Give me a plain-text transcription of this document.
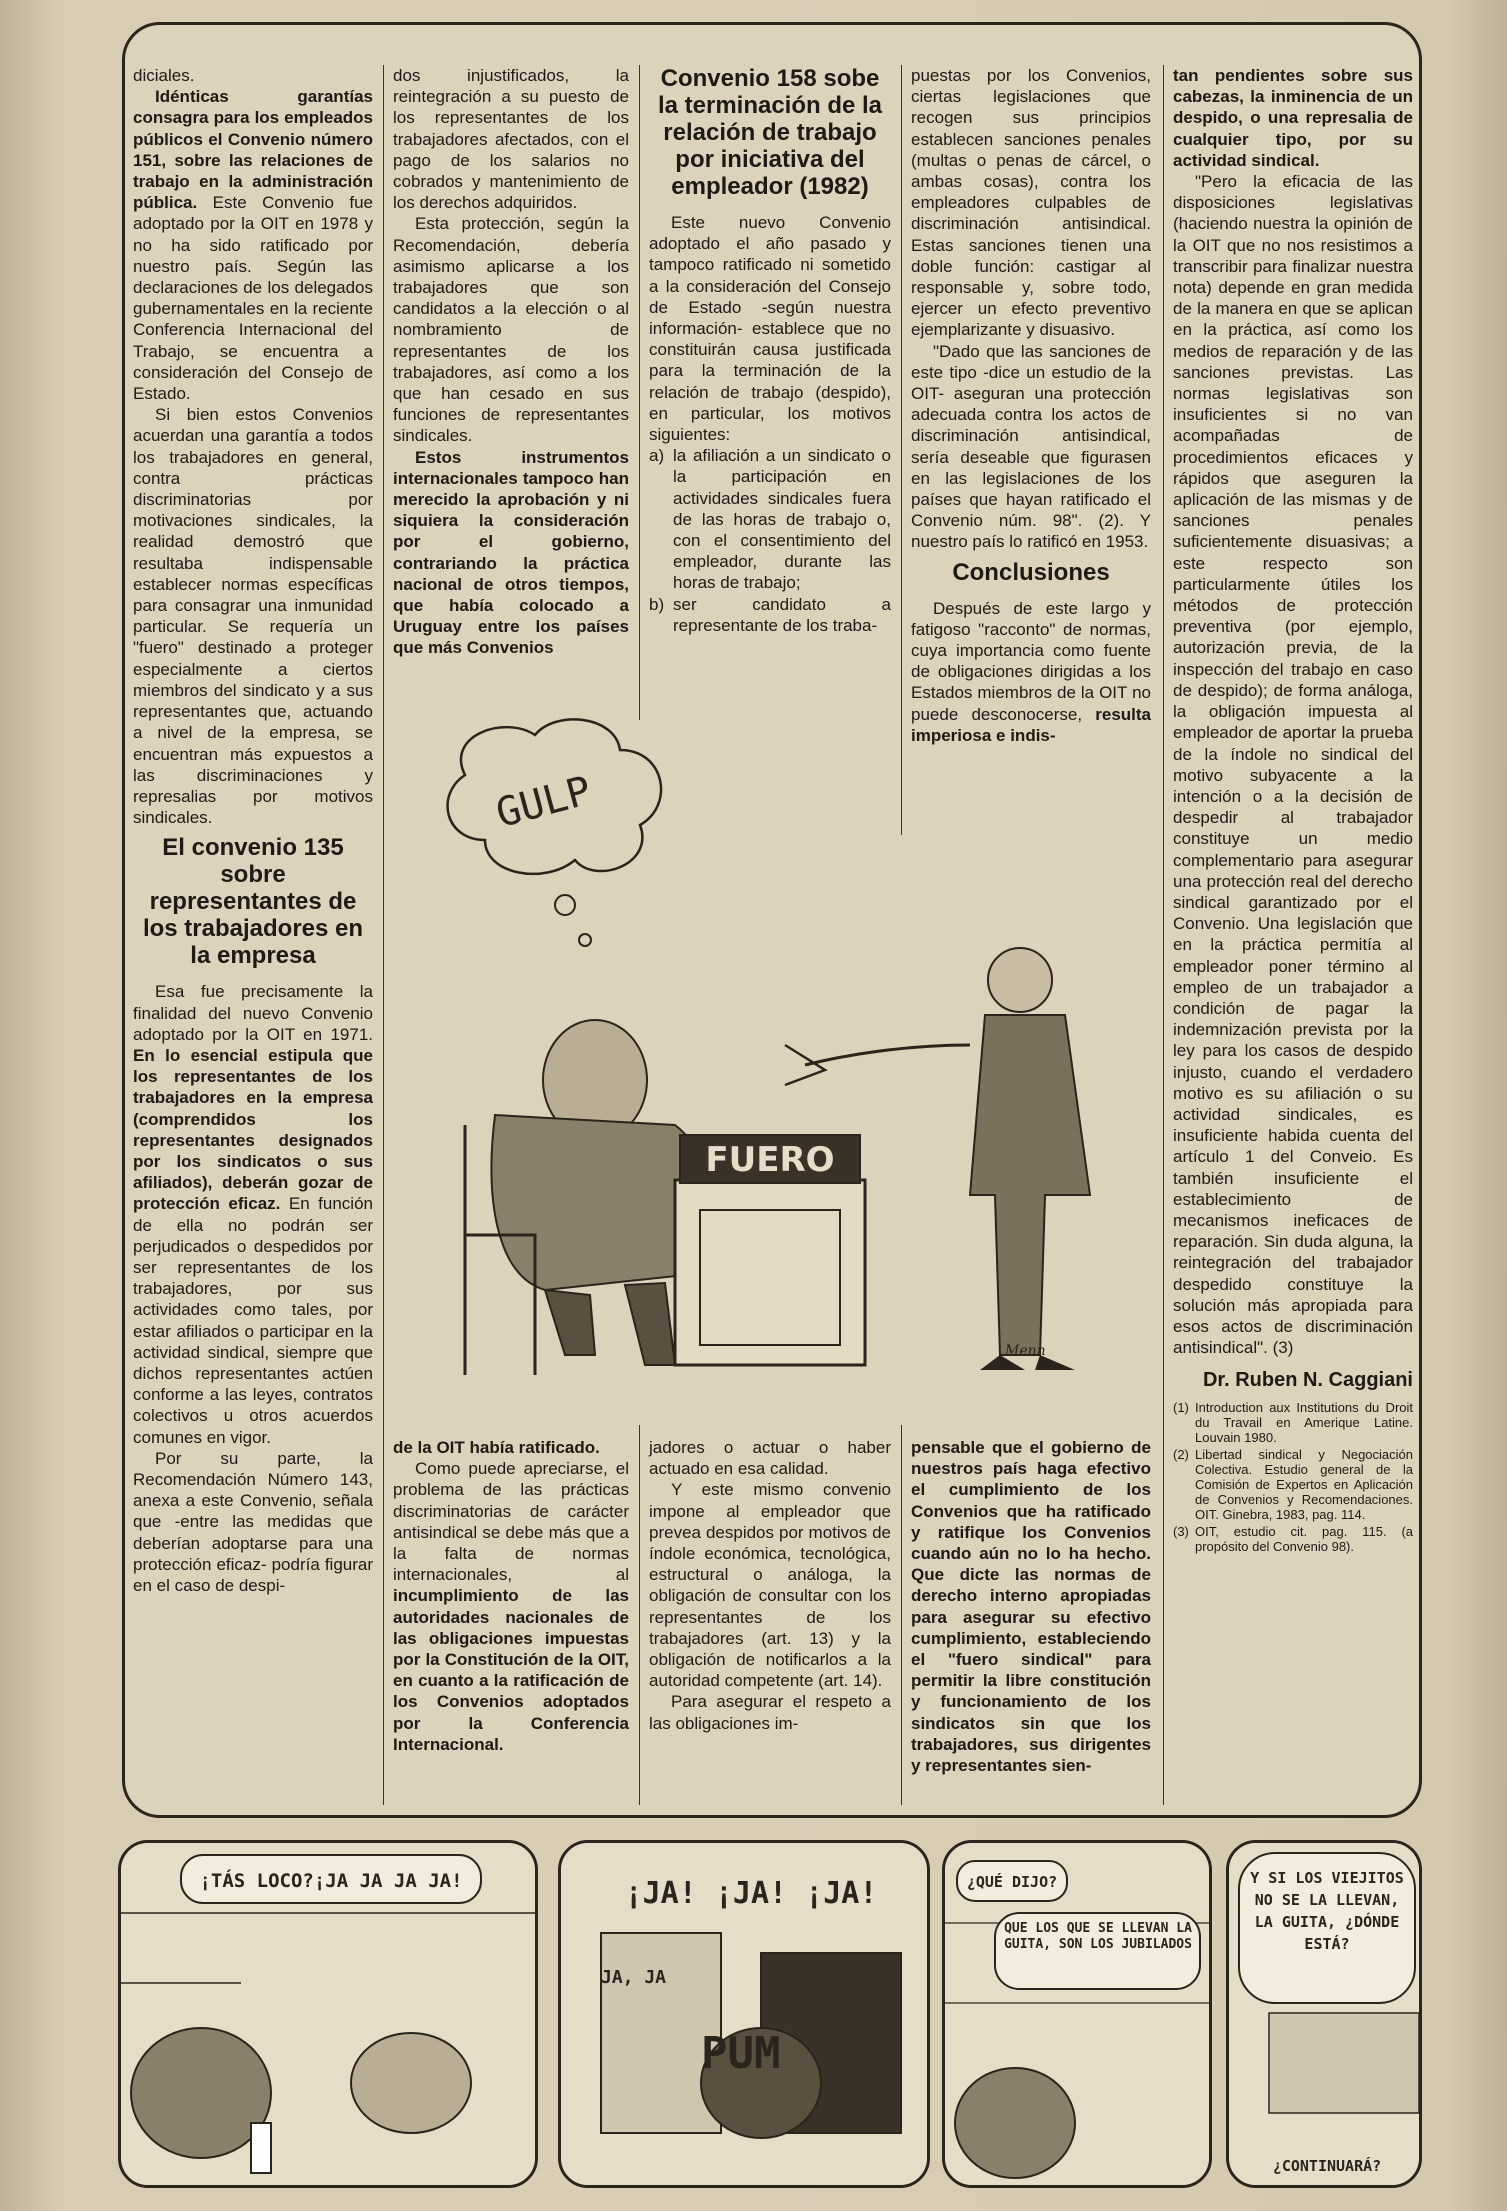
diciales.

Idénticas garantías consagra para los empleados públicos el Convenio número 151, sobre las relaciones de trabajo en la administración pública. Este Convenio fue adoptado por la OIT en 1978 y no ha sido ratificado por nuestro país. Según las declaraciones de los delegados gubernamentales en la reciente Conferencia Internacional del Trabajo, se encuentra a consideración del Consejo de Estado.

Si bien estos Convenios acuerdan una garantía a todos los trabajadores en general, contra prácticas discriminatorias por motivaciones sindicales, la realidad demostró que resultaba indispensable establecer normas específicas para consagrar una inmunidad particular. Se requería un "fuero" destinado a proteger especialmente a ciertos miembros del sindicato y a sus representantes que, actuando a nivel de la empresa, se encuentran más expuestos a las discriminaciones y represalias por motivos sindicales.

El convenio 135 sobre representantes de los trabajadores en la empresa

Esa fue precisamente la finalidad del nuevo Convenio adoptado por la OIT en 1971. En lo esencial estipula que los representantes de los trabajadores en la empresa (comprendidos los representantes designados por los sindicatos o sus afiliados), deberán gozar de protección eficaz. En función de ella no podrán ser perjudicados o despedidos por ser representantes de los trabajadores, por sus actividades como tales, por estar afiliados o participar en la actividad sindical, siempre que dichos representantes actúen conforme a las leyes, contratos colectivos u otros acuerdos comunes en vigor.

Por su parte, la Recomendación Número 143, anexa a este Convenio, señala que -entre las medidas que deberían adoptarse para una protección eficaz- podría figurar en el caso de despi-

dos injustificados, la reintegración a su puesto de los representantes de los trabajadores afectados, con el pago de los salarios no cobrados y mantenimiento de los derechos adquiridos.

Esta protección, según la Recomendación, debería asimismo aplicarse a los trabajadores que son candidatos a la elección o al nombramiento de representantes de los trabajadores, así como a los que han cesado en sus funciones de representantes sindicales.

Estos instrumentos internacionales tampoco han merecido la aprobación y ni siquiera la consideración por el gobierno, contrariando la práctica nacional de otros tiempos, que había colocado a Uruguay entre los países que más Convenios

Convenio 158 sobe la terminación de la relación de trabajo por iniciativa del empleador (1982)

Este nuevo Convenio adoptado el año pasado y tampoco ratificado ni sometido a la consideración del Consejo de Estado -según nuestra información- establece que no constituirán causa justificada para la terminación de la relación de trabajo (despido), en particular, los motivos siguientes:

a) la afiliación a un sindicato o la participación en actividades sindicales fuera de las horas de trabajo o, con el consentimiento del empleador, durante las horas de trabajo;
b) ser candidato a representante de los traba-

puestas por los Convenios, ciertas legislaciones que recogen sus principios establecen sanciones penales (multas o penas de cárcel, o ambas cosas), contra los empleadores culpables de discriminación antisindical. Estas sanciones tienen una doble función: castigar al responsable y, sobre todo, ejercer un efecto preventivo ejemplarizante y disuasivo.

"Dado que las sanciones de este tipo -dice un estudio de la OIT- aseguran una protección adecuada contra los actos de discriminación antisindical, sería deseable que figurasen en las legislaciones de los países que hayan ratificado el Convenio núm. 98". (2). Y nuestro país lo ratificó en 1953.

Conclusiones

Después de este largo y fatigoso "racconto" de normas, cuya importancia como fuente de obligaciones dirigidas a los Estados miembros de la OIT no puede desconocerse, resulta imperiosa e indis-

tan pendientes sobre sus cabezas, la inminencia de un despido, o una represalia de cualquier tipo, por su actividad sindical.

"Pero la eficacia de las disposiciones legislativas (haciendo nuestra la opinión de la OIT que no nos resistimos a transcribir para finalizar nuestra nota) depende en gran medida de la manera en que se aplican en la práctica, así como los medios de reparación y de las sanciones previstas. Las normas legislativas son insuficientes si no van acompañadas de procedimientos eficaces y rápidos que aseguren la aplicación de las mismas y de sanciones penales suficientemente disuasivas; a este respecto son particularmente útiles los métodos de protección preventiva (por ejemplo, autorización previa, de la inspección del trabajo en caso de despido); de forma análoga, la obligación impuesta al empleador de aportar la prueba de la índole no sindical del motivo subyacente a la intención o a la decisión de despedir al trabajador constituye un medio complementario para asegurar una protección real del derecho sindical garantizado por el Convenio. Una legislación que en la práctica permitía al empleador poner término al empleo de un trabajador a condición de pagar la indemnización prevista por la ley para los casos de despido injusto, cuando el verdadero motivo es su afiliación o su actividad sindicales, es insuficiente habida cuenta del artículo 1 del Conveio. Es también insuficiente el establecimiento de mecanismos ineficaces de reparación. Sin duda alguna, la reintegración del trabajador despedido constituye la solución más apropiada para esos actos de discriminación antisindical". (3)

Dr. Ruben N. Caggiani
(1) Introduction aux Institutions du Droit du Travail en Amerique Latine. Louvain 1980.
(2) Libertad sindical y Negociación Colectiva. Estudio general de la Comisión de Expertos en Aplicación de Convenios y Recomendaciones. OIT. Ginebra, 1983, pag. 114.
(3) OIT, estudio cit. pag. 115. (a propósito del Convenio 98).
GULP
FUERO
Menn

de la OIT había ratificado.

Como puede apreciarse, el problema de las prácticas discriminatorias de carácter antisindical se debe más que a la falta de normas internacionales, al incumplimiento de las autoridades nacionales de las obligaciones impuestas por la Constitución de la OIT, en cuanto a la ratificación de los Convenios adoptados por la Conferencia Internacional.

jadores o actuar o haber actuado en esa calidad.

Y este mismo convenio impone al empleador que prevea despidos por motivos de índole económica, tecnológica, estructural o análoga, la obligación de consultar con los representantes de los trabajadores (art. 13) y la obligación de notificarlos a la autoridad competente (art. 14).

Para asegurar el respeto a las obligaciones im-

pensable que el gobierno de nuestros país haga efectivo el cumplimiento de los Convenios que ha ratificado y ratifique los Convenios cuando aún no lo ha hecho. Que dicte las normas de derecho interno apropiadas para asegurar su efectivo cumplimiento, estableciendo el "fuero sindical" para permitir la libre constitución y funcionamiento de los sindicatos sin que los trabajadores, sus dirigentes y representantes sien-

¡TÁS LOCO?¡JA JA JA JA!	¡JA! ¡JA! ¡JA!
JA, JA
PUM
¿QUÉ DIJO?
QUE LOS QUE SE LLEVAN LA GUITA, SON LOS JUBILADOS
Y SI LOS VIEJITOS NO SE LA LLEVAN, LA GUITA, ¿DÓNDE ESTÁ?
¿CONTINUARÁ?
